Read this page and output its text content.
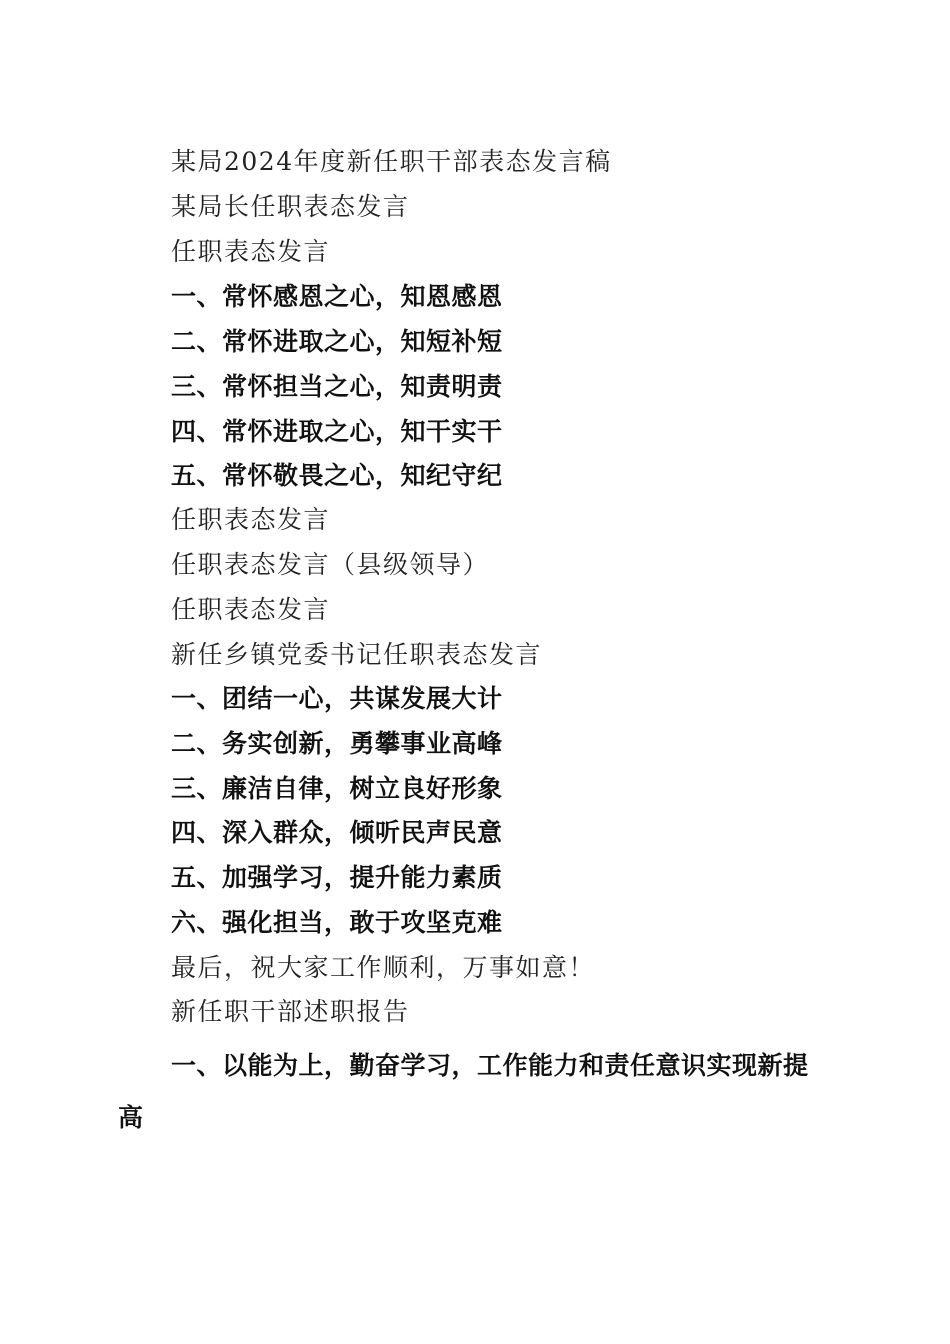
某局2024年度新任职干部表态发言稿

某局长任职表态发言

任职表态发言

一、常怀感恩之心，知恩感恩

二、常怀进取之心，知短补短

三、常怀担当之心，知责明责

四、常怀进取之心，知干实干

五、常怀敬畏之心，知纪守纪

任职表态发言

任职表态发言（县级领导）

任职表态发言

新任乡镇党委书记任职表态发言

一、团结一心，共谋发展大计

二、务实创新，勇攀事业高峰

三、廉洁自律，树立良好形象

四、深入群众，倾听民声民意

五、加强学习，提升能力素质

六、强化担当，敢于攻坚克难

最后，祝大家工作顺利，万事如意！

新任职干部述职报告

一、以能为上，勤奋学习，工作能力和责任意识实现新提高
